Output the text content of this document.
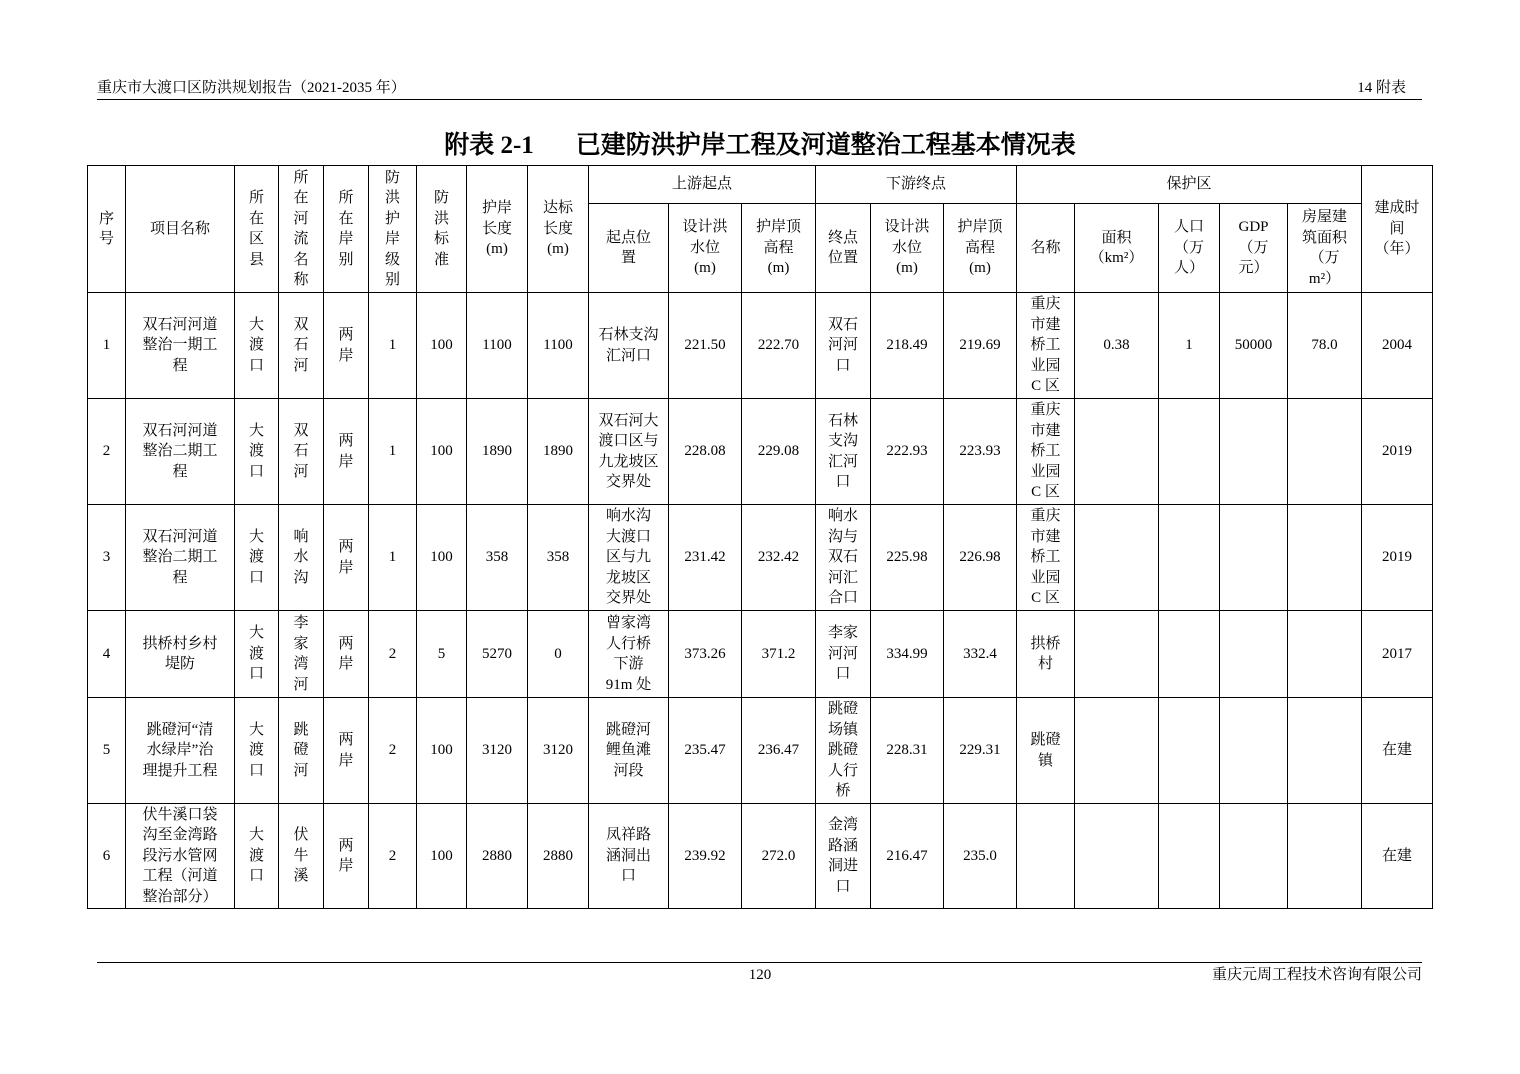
重庆市大渡口区防洪规划报告（2021-2035 年）	14 附表
附表 2-1 已建防洪护岸工程及河道整治工程基本情况表
序号	项目名称	所在区县	所在河流名称	所在岸别	防洪护岸级别	防洪标准	护岸长度(m)	达标长度(m)	上游起点			下游终点			保护区					建成时间（年）
									起点位置	设计洪水位(m)	护岸顶高程(m)	终点位置	设计洪水位(m)	护岸顶高程(m)	名称	面积（km²）	人口（万人）	GDP（万元）	房屋建筑面积（万m²）	
1	双石河河道整治一期工程	大渡口	双石河	两岸	1	100	1100	1100	石林支沟汇河口	221.50	222.70	双石河河口	218.49	219.69	重庆市建桥工业园C 区	0.38	1	50000	78.0	2004
2	双石河河道整治二期工程	大渡口	双石河	两岸	1	100	1890	1890	双石河大渡口区与九龙坡区交界处	228.08	229.08	石林支沟汇河口	222.93	223.93	重庆市建桥工业园C 区					2019
3	双石河河道整治二期工程	大渡口	响水沟	两岸	1	100	358	358	响水沟大渡口区与九龙坡区交界处	231.42	232.42	响水沟与双石河汇合口	225.98	226.98	重庆市建桥工业园C 区					2019
4	拱桥村乡村堤防	大渡口	李家湾河	两岸	2	5	5270	0	曾家湾人行桥下游91m 处	373.26	371.2	李家河河口	334.99	332.4	拱桥村					2017
5	跳磴河“清水绿岸”治理提升工程	大渡口	跳磴河	两岸	2	100	3120	3120	跳磴河鲤鱼滩河段	235.47	236.47	跳磴场镇跳磴人行桥	228.31	229.31	跳磴镇					在建
6	伏牛溪口袋沟至金湾路段污水管网工程（河道整治部分）	大渡口	伏牛溪	两岸	2	100	2880	2880	凤祥路涵洞出口	239.92	272.0	金湾路涵洞进口	216.47	235.0						在建
120	重庆元周工程技术咨询有限公司
